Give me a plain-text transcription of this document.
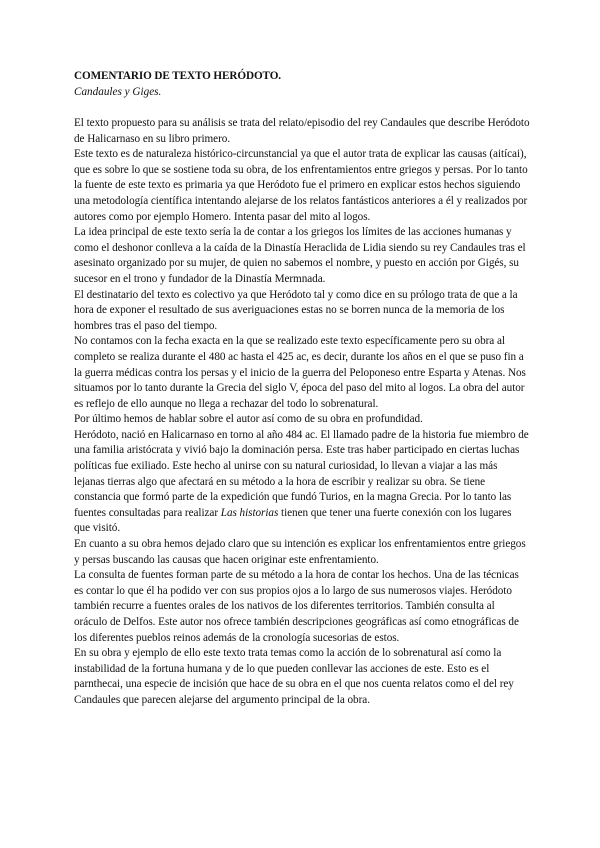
COMENTARIO DE TEXTO HERÓDOTO.

Candaules y Giges.

El texto propuesto para su análisis se trata del relato/episodio del rey Candaules que describe Heródoto de Halicarnaso en su libro primero.

Este texto es de naturaleza histórico-circunstancial ya que el autor trata de explicar las causas (aitícai), que es sobre lo que se sostiene toda su obra, de los enfrentamientos entre griegos y persas. Por lo tanto la fuente de este texto es primaria ya que Heródoto fue el primero en explicar estos hechos siguiendo una metodología científica intentando alejarse de los relatos fantásticos anteriores a él y realizados por autores como por ejemplo Homero. Intenta pasar del mito al logos.

La idea principal de este texto sería la de contar a los griegos los límites de las acciones humanas y como el deshonor conlleva a la caída de la Dinastía Heraclida de Lidia siendo su rey Candaules tras el asesinato organizado por su mujer, de quien no sabemos el nombre, y puesto en acción por Gigés, su sucesor en el trono y fundador de la Dinastía Mermnada.

El destinatario del texto es colectivo ya que Heródoto tal y como dice en su prólogo trata de que a la hora de exponer el resultado de sus averiguaciones estas no se borren nunca de la memoria de los hombres tras el paso del tiempo.

No contamos con la fecha exacta en la que se realizado este texto específicamente pero su obra al completo se realiza durante el 480 ac hasta el 425 ac, es decir, durante los años en el que se puso fin a la guerra médicas contra los persas y el inicio de la guerra del Peloponeso entre Esparta y Atenas. Nos situamos por lo tanto durante la Grecia del siglo V, época del paso del mito al logos. La obra del autor es reflejo de ello aunque no llega a rechazar del todo lo sobrenatural.

Por último hemos de hablar sobre el autor así como de su obra en profundidad.

Heródoto, nació en Halicarnaso en torno al año 484 ac. El llamado padre de la historia fue miembro de una familia aristócrata y vivió bajo la dominación persa. Este tras haber participado en ciertas luchas políticas fue exiliado. Este hecho al unirse con su natural curiosidad, lo llevan a viajar a las más lejanas tierras algo que afectará en su método a la hora de escribir y realizar su obra. Se tiene constancia que formó parte de la expedición que fundó Turios, en la magna Grecia. Por lo tanto las fuentes consultadas para realizar Las historias tienen que tener una fuerte conexión con los lugares que visitó.

En cuanto a su obra hemos dejado claro que su intención es explicar los enfrentamientos entre griegos y persas buscando las causas que hacen originar este enfrentamiento.

La consulta de fuentes forman parte de su método a la hora de contar los hechos. Una de las técnicas es contar lo que él ha podido ver con sus propios ojos a lo largo de sus numerosos viajes. Heródoto también recurre a fuentes orales de los nativos de los diferentes territorios. También consulta al oráculo de Delfos. Este autor nos ofrece también descripciones geográficas así como etnográficas de los diferentes pueblos reinos además de la cronología sucesorias de estos.

En su obra y ejemplo de ello este texto trata temas como la acción de lo sobrenatural así como la instabilidad de la fortuna humana y de lo que pueden conllevar las acciones de este. Esto es el parnthecai, una especie de incisión que hace de su obra en el que nos cuenta relatos como el del rey Candaules que parecen alejarse del argumento principal de la obra.
